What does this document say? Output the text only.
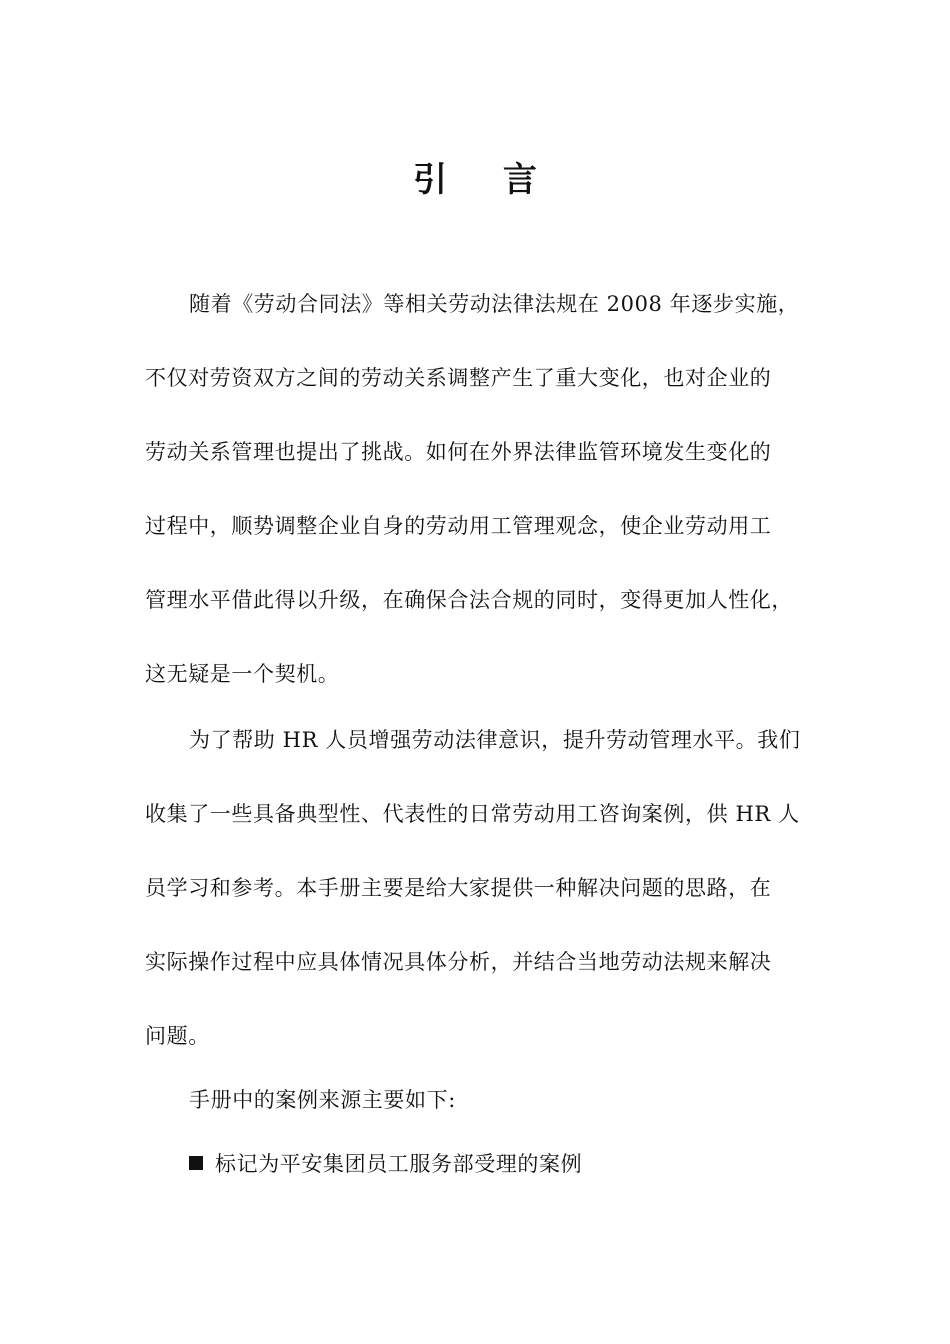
引 言
随着《劳动合同法》等相关劳动法律法规在 2008 年逐步实施，
不仅对劳资双方之间的劳动关系调整产生了重大变化，也对企业的
劳动关系管理也提出了挑战。如何在外界法律监管环境发生变化的
过程中，顺势调整企业自身的劳动用工管理观念，使企业劳动用工
管理水平借此得以升级，在确保合法合规的同时，变得更加人性化，
这无疑是一个契机。
为了帮助 HR 人员增强劳动法律意识，提升劳动管理水平。我们
收集了一些具备典型性、代表性的日常劳动用工咨询案例，供 HR 人
员学习和参考。本手册主要是给大家提供一种解决问题的思路，在
实际操作过程中应具体情况具体分析，并结合当地劳动法规来解决
问题。
手册中的案例来源主要如下:
标记为平安集团员工服务部受理的案例
